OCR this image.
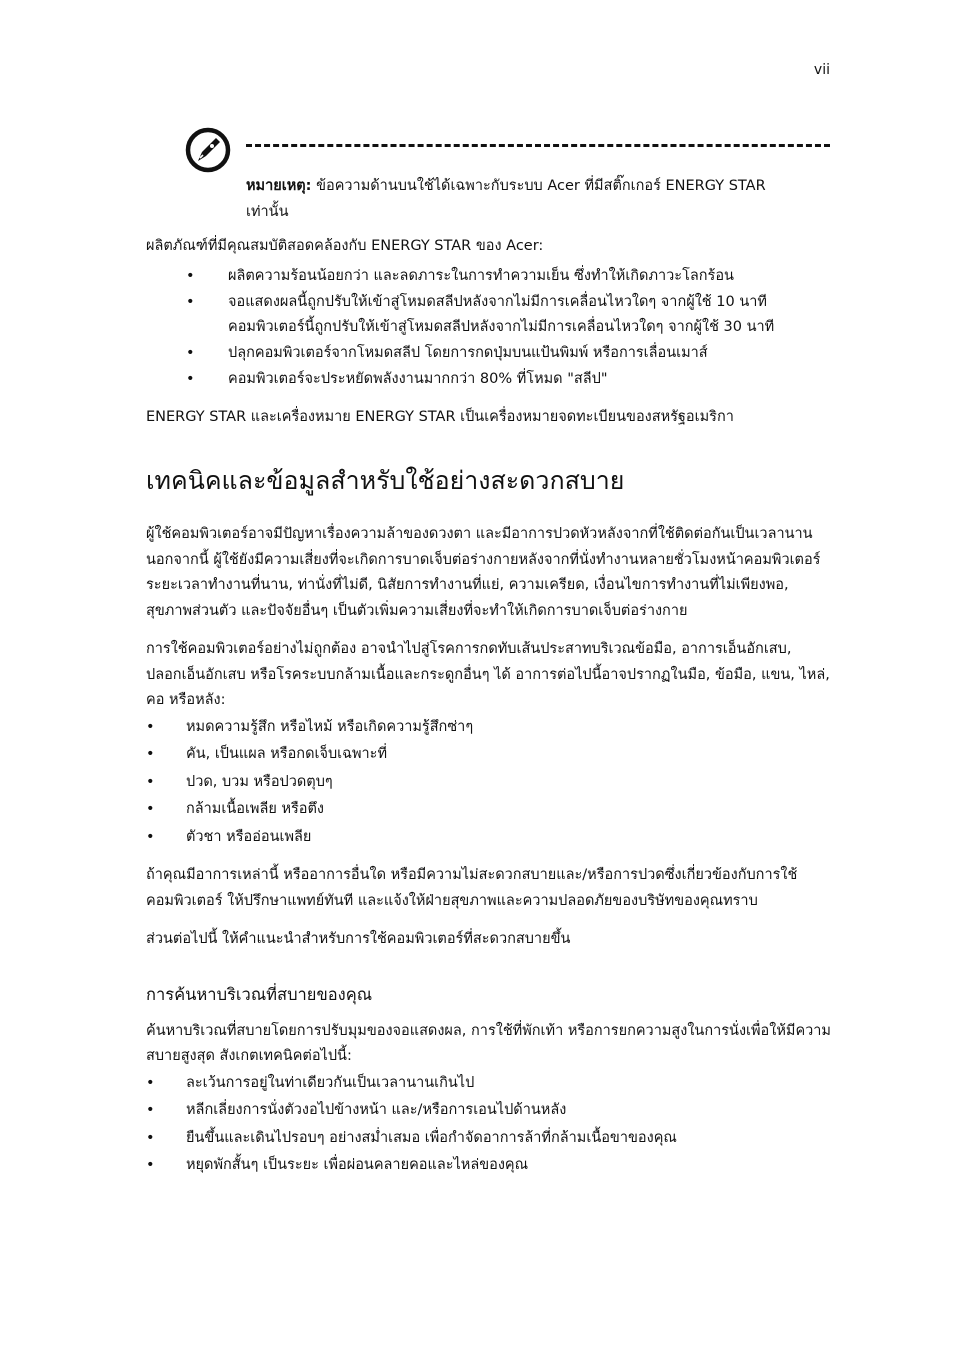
vii
หมายเหตุ: ข้อความด้านบนใช้ได้เฉพาะกับระบบ Acer ที่มีสติ๊กเกอร์ ENERGY STAR เท่านั้น

ผลิตภัณฑ์ที่มีคุณสมบัติสอดคล้องกับ ENERGY STAR ของ Acer:

• ผลิตความร้อนน้อยกว่า และลดภาระในการทำความเย็น ซึ่งทำให้เกิดภาวะโลกร้อน
• จอแสดงผลนี้ถูกปรับให้เข้าสู่โหมดสลีปหลังจากไม่มีการเคลื่อนไหวใดๆ จากผู้ใช้ 10 นาที คอมพิวเตอร์นี้ถูกปรับให้เข้าสู่โหมดสลีปหลังจากไม่มีการเคลื่อนไหวใดๆ จากผู้ใช้ 30 นาที
• ปลุกคอมพิวเตอร์จากโหมดสลีป โดยการกดปุ่มบนแป้นพิมพ์ หรือการเลื่อนเมาส์
• คอมพิวเตอร์จะประหยัดพลังงานมากกว่า 80% ที่โหมด "สลีป"

ENERGY STAR และเครื่องหมาย ENERGY STAR เป็นเครื่องหมายจดทะเบียนของสหรัฐอเมริกา

เทคนิคและข้อมูลสำหรับใช้อย่างสะดวกสบาย

ผู้ใช้คอมพิวเตอร์อาจมีปัญหาเรื่องความล้าของดวงตา และมีอาการปวดหัวหลังจากที่ใช้ติดต่อกันเป็นเวลานาน นอกจากนี้ ผู้ใช้ยังมีความเสี่ยงที่จะเกิดการบาดเจ็บต่อร่างกายหลังจากที่นั่งทำงานหลายชั่วโมงหน้าคอมพิวเตอร์ ระยะเวลาทำงานที่นาน, ท่านั่งที่ไม่ดี, นิสัยการทำงานที่แย่, ความเครียด, เงื่อนไขการทำงานที่ไม่เพียงพอ, สุขภาพส่วนตัว และปัจจัยอื่นๆ เป็นตัวเพิ่มความเสี่ยงที่จะทำให้เกิดการบาดเจ็บต่อร่างกาย

การใช้คอมพิวเตอร์อย่างไม่ถูกต้อง อาจนำไปสู่โรคการกดทับเส้นประสาทบริเวณข้อมือ, อาการเอ็นอักเสบ, ปลอกเอ็นอักเสบ หรือโรคระบบกล้ามเนื้อและกระดูกอื่นๆ ได้ อาการต่อไปนี้อาจปรากฏในมือ, ข้อมือ, แขน, ไหล่, คอ หรือหลัง:

• หมดความรู้สึก หรือไหม้ หรือเกิดความรู้สึกซ่าๆ
• คัน, เป็นแผล หรือกดเจ็บเฉพาะที่
• ปวด, บวม หรือปวดตุบๆ
• กล้ามเนื้อเพลีย หรือตึง
• ตัวชา หรืออ่อนเพลีย

ถ้าคุณมีอาการเหล่านี้ หรืออาการอื่นใด หรือมีความไม่สะดวกสบายและ/หรือการปวดซึ่งเกี่ยวข้องกับการใช้คอมพิวเตอร์ ให้ปรึกษาแพทย์ทันที และแจ้งให้ฝ่ายสุขภาพและความปลอดภัยของบริษัทของคุณทราบ

ส่วนต่อไปนี้ ให้คำแนะนำสำหรับการใช้คอมพิวเตอร์ที่สะดวกสบายขึ้น

การค้นหาบริเวณที่สบายของคุณ

ค้นหาบริเวณที่สบายโดยการปรับมุมของจอแสดงผล, การใช้ที่พักเท้า หรือการยกความสูงในการนั่งเพื่อให้มีความสบายสูงสุด สังเกตเทคนิคต่อไปนี้:

• ละเว้นการอยู่ในท่าเดียวกันเป็นเวลานานเกินไป
• หลีกเลี่ยงการนั่งตัวงอไปข้างหน้า และ/หรือการเอนไปด้านหลัง
• ยืนขึ้นและเดินไปรอบๆ อย่างสม่ำเสมอ เพื่อกำจัดอาการล้าที่กล้ามเนื้อขาของคุณ
• หยุดพักสั้นๆ เป็นระยะ เพื่อผ่อนคลายคอและไหล่ของคุณ
